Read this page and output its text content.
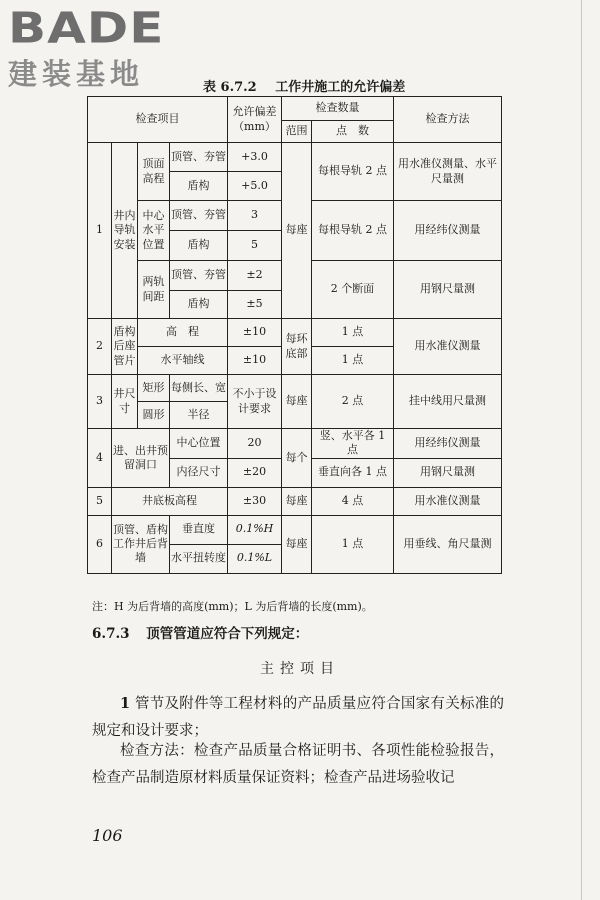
BADE
建装基地	表 6.7.2 工作井施工的允许偏差
检查项目				允许偏差（mm）	检查数量		检查方法
					范围	点　数	
1	井内导轨安装	顶面高程	顶管、夯管	+3.0	每座	每根导轨 2 点	用水准仪测量、水平尺量测
			盾构	+5.0			
		中心水平位置	顶管、夯管	3		每根导轨 2 点	用经纬仪测量
			盾构	5			
		两轨间距	顶管、夯管	±2		2 个断面	用钢尺量测
			盾构	±5			
2	盾构后座管片	高　程		±10	每环底部	1 点	用水准仪测量
		水平轴线		±10		1 点	
3	井尺寸	矩形	每侧长、宽	不小于设计要求	每座	2 点	挂中线用尺量测
		圆形	半径				
4	进、出井预留洞口		中心位置	20	每个	竖、水平各 1 点	用经纬仪测量
			内径尺寸	±20		垂直向各 1 点	用钢尺量测
5	井底板高程			±30	每座	4 点	用水准仪测量
6	顶管、盾构工作井后背墙		垂直度	0.1%H	每座	1 点	用垂线、角尺量测
			水平扭转度	0.1%L			
注：H 为后背墙的高度(mm)；L 为后背墙的长度(mm)。
6.7.3 顶管管道应符合下列规定：
主控项目
1 管节及附件等工程材料的产品质量应符合国家有关标准的规定和设计要求；
检查方法：检查产品质量合格证明书、各项性能检验报告，检查产品制造原材料质量保证资料；检查产品进场验收记
106
